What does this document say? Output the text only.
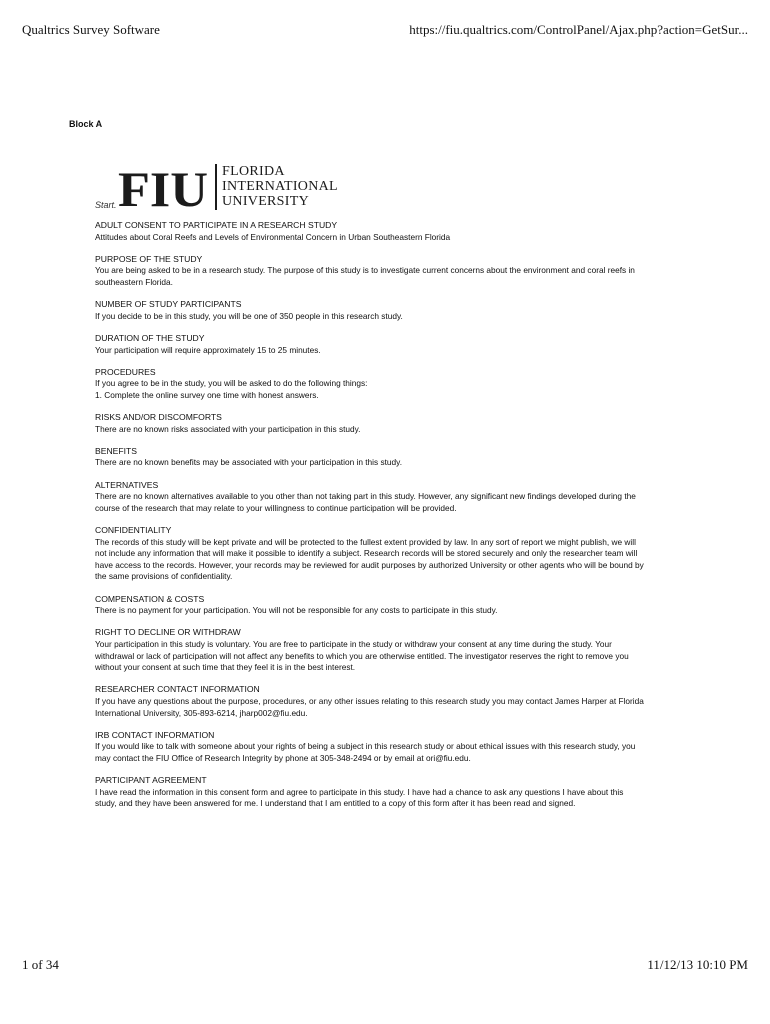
Qualtrics Survey Software	https://fiu.qualtrics.com/ControlPanel/Ajax.php?action=GetSur...
Block A
Start. FIU FLORIDA
INTERNATIONAL
UNIVERSITY
ADULT CONSENT TO PARTICIPATE IN A RESEARCH STUDY

Attitudes about Coral Reefs and Levels of Environmental Concern in Urban Southeastern Florida

PURPOSE OF THE STUDY

You are being asked to be in a research study. The purpose of this study is to investigate current concerns about the environment and coral reefs in

southeastern Florida.

NUMBER OF STUDY PARTICIPANTS

If you decide to be in this study, you will be one of 350 people in this research study.

DURATION OF THE STUDY

Your participation will require approximately 15 to 25 minutes.

PROCEDURES

If you agree to be in the study, you will be asked to do the following things:

1. Complete the online survey one time with honest answers.

RISKS AND/OR DISCOMFORTS

There are no known risks associated with your participation in this study.

BENEFITS

There are no known benefits may be associated with your participation in this study.

ALTERNATIVES

There are no known alternatives available to you other than not taking part in this study. However, any significant new findings developed during the

course of the research that may relate to your willingness to continue participation will be provided.

CONFIDENTIALITY

The records of this study will be kept private and will be protected to the fullest extent provided by law. In any sort of report we might publish, we will

not include any information that will make it possible to identify a subject. Research records will be stored securely and only the researcher team will

have access to the records. However, your records may be reviewed for audit purposes by authorized University or other agents who will be bound by

the same provisions of confidentiality.

COMPENSATION & COSTS

There is no payment for your participation. You will not be responsible for any costs to participate in this study.

RIGHT TO DECLINE OR WITHDRAW

Your participation in this study is voluntary. You are free to participate in the study or withdraw your consent at any time during the study. Your

withdrawal or lack of participation will not affect any benefits to which you are otherwise entitled. The investigator reserves the right to remove you

without your consent at such time that they feel it is in the best interest.

RESEARCHER CONTACT INFORMATION

If you have any questions about the purpose, procedures, or any other issues relating to this research study you may contact James Harper at Florida

International University, 305-893-6214, jharp002@fiu.edu.

IRB CONTACT INFORMATION

If you would like to talk with someone about your rights of being a subject in this research study or about ethical issues with this research study, you

may contact the FIU Office of Research Integrity by phone at 305-348-2494 or by email at ori@fiu.edu.

PARTICIPANT AGREEMENT

I have read the information in this consent form and agree to participate in this study. I have had a chance to ask any questions I have about this

study, and they have been answered for me. I understand that I am entitled to a copy of this form after it has been read and signed.

1 of 34	11/12/13 10:10 PM
